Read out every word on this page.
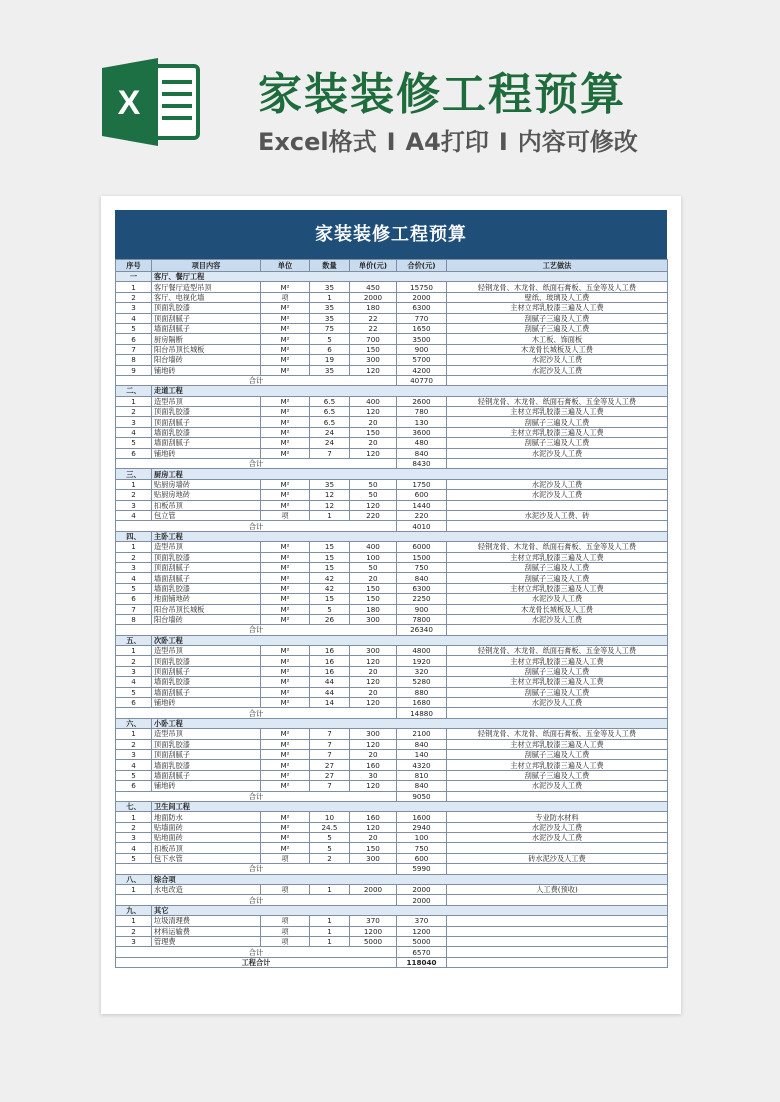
X	家装装修工程预算
Excel格式 I A4打印 I 内容可修改
家装装修工程预算
序号	项目内容	单位	数量	单价(元)	合价(元)	工艺做法
一	客厅、餐厅工程					
1	客厅餐厅造型吊顶	M²	35	450	15750	轻钢龙骨、木龙骨、纸面石膏板、五金等及人工费
2	客厅、电视化墙	项	1	2000	2000	壁纸、玻璃及人工费
3	顶面乳胶漆	M²	35	180	6300	主材立邦乳胶漆三遍及人工费
4	顶面刮腻子	M²	35	22	770	刮腻子三遍及人工费
5	墙面刮腻子	M²	75	22	1650	刮腻子三遍及人工费
6	厨房隔断	M²	5	700	3500	木工板、饰面板
7	阳台吊顶长城板	M²	6	150	900	木龙骨长城板及人工费
8	阳台墙砖	M²	19	300	5700	水泥沙及人工费
9	铺地砖	M²	35	120	4200	水泥沙及人工费
合计					40770	
二、	走道工程					
1	造型吊顶	M²	6.5	400	2600	轻钢龙骨、木龙骨、纸面石膏板、五金等及人工费
2	顶面乳胶漆	M²	6.5	120	780	主材立邦乳胶漆三遍及人工费
3	顶面刮腻子	M²	6.5	20	130	刮腻子三遍及人工费
4	墙面乳胶漆	M²	24	150	3600	主材立邦乳胶漆三遍及人工费
5	墙面刮腻子	M²	24	20	480	刮腻子三遍及人工费
6	铺地砖	M²	7	120	840	水泥沙及人工费
合计					8430	
三、	厨房工程					
1	贴厨房墙砖	M²	35	50	1750	水泥沙及人工费
2	贴厨房地砖	M²	12	50	600	水泥沙及人工费
3	扣板吊顶	M²	12	120	1440	
4	包立管	项	1	220	220	水泥沙及人工费、砖
合计					4010	
四、	主卧工程					
1	造型吊顶	M²	15	400	6000	轻钢龙骨、木龙骨、纸面石膏板、五金等及人工费
2	顶面乳胶漆	M²	15	100	1500	主材立邦乳胶漆三遍及人工费
3	顶面刮腻子	M²	15	50	750	刮腻子三遍及人工费
4	墙面刮腻子	M²	42	20	840	刮腻子三遍及人工费
5	墙面乳胶漆	M²	42	150	6300	主材立邦乳胶漆三遍及人工费
6	地面铺地砖	M²	15	150	2250	水泥沙及人工费
7	阳台吊顶长城板	M²	5	180	900	木龙骨长城板及人工费
8	阳台墙砖	M²	26	300	7800	水泥沙及人工费
合计					26340	
五、	次卧工程					
1	造型吊顶	M²	16	300	4800	轻钢龙骨、木龙骨、纸面石膏板、五金等及人工费
2	顶面乳胶漆	M²	16	120	1920	主材立邦乳胶漆三遍及人工费
3	顶面刮腻子	M²	16	20	320	刮腻子三遍及人工费
4	墙面乳胶漆	M²	44	120	5280	主材立邦乳胶漆三遍及人工费
5	墙面刮腻子	M²	44	20	880	刮腻子三遍及人工费
6	铺地砖	M²	14	120	1680	水泥沙及人工费
合计					14880	
六、	小卧工程					
1	造型吊顶	M²	7	300	2100	轻钢龙骨、木龙骨、纸面石膏板、五金等及人工费
2	顶面乳胶漆	M²	7	120	840	主材立邦乳胶漆三遍及人工费
3	顶面刮腻子	M²	7	20	140	刮腻子三遍及人工费
4	墙面乳胶漆	M²	27	160	4320	主材立邦乳胶漆三遍及人工费
5	墙面刮腻子	M²	27	30	810	刮腻子三遍及人工费
6	铺地砖	M²	7	120	840	水泥沙及人工费
合计					9050	
七、	卫生间工程					
1	地面防水	M²	10	160	1600	专业防水材料
2	贴墙面砖	M²	24.5	120	2940	水泥沙及人工费
3	贴地面砖	M²	5	20	100	水泥沙及人工费
4	扣板吊顶	M²	5	150	750	
5	包下水管	项	2	300	600	砖水泥沙及人工费
合计					5990	
八、	综合项					
1	水电改造	项	1	2000	2000	人工费(预收)
合计					2000	
九、	其它					
1	垃圾清理费	项	1	370	370	
2	材料运输费	项	1	1200	1200	
3	管理费	项	1	5000	5000	
合计					6570	
工程合计					118040	
